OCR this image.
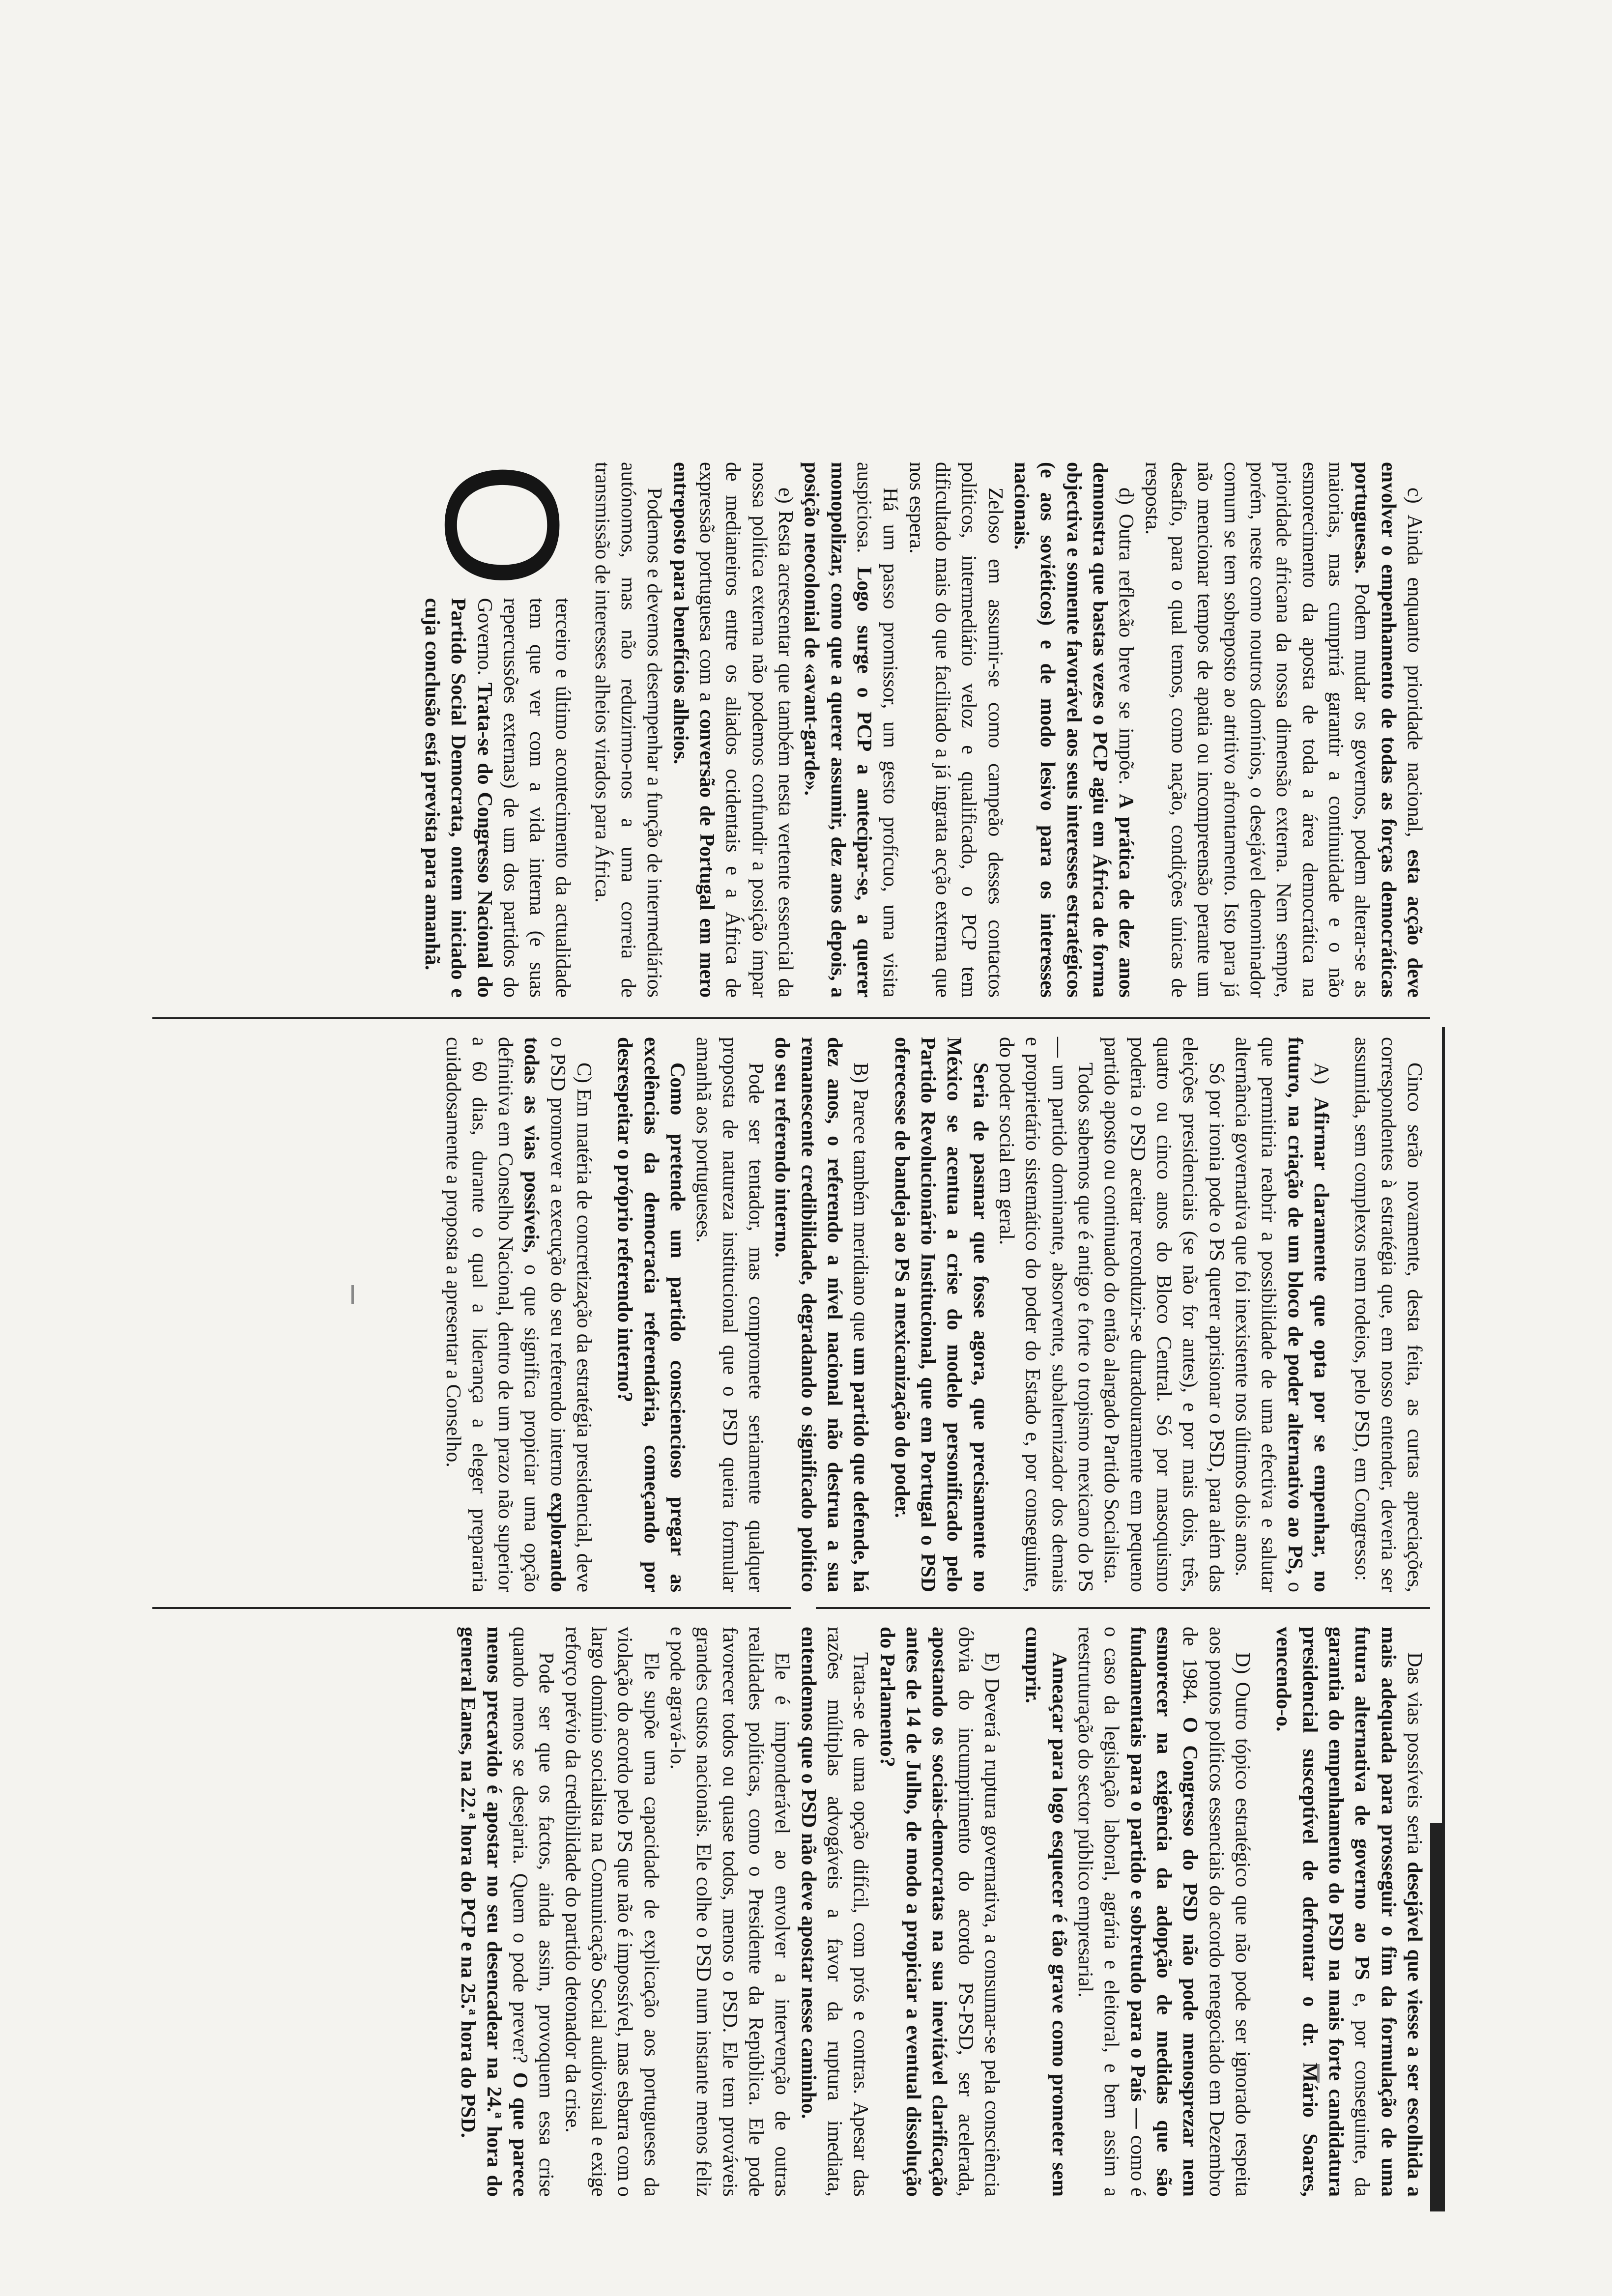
c) Ainda enquanto prioridade nacional, esta acção deve envolver o empenhamento de todas as forças democráticas portuguesas. Podem mudar os governos, podem alterar-se as maiorias, mas cumprirá garantir a continuidade e o não esmorecimento da aposta de toda a área democrática na prioridade africana da nossa dimensão externa. Nem sempre, porém, neste como noutros domínios, o desejável denominador comum se tem sobreposto ao atritivo afrontamento. Isto para já não mencionar tempos de apatia ou incompreensão perante um desafio, para o qual temos, como nação, condições únicas de resposta.

d) Outra reflexão breve se impõe. A prática de dez anos demonstra que bastas vezes o PCP agiu em África de forma objectiva e somente favorável aos seus interesses estratégicos (e aos soviéticos) e de modo lesivo para os interesses nacionais.

Zeloso em assumir-se como campeão desses contactos políticos, intermediário veloz e qualificado, o PCP tem dificultado mais do que facilitado a já ingrata acção externa que nos espera.

Há um passo promissor, um gesto profícuo, uma visita auspiciosa. Logo surge o PCP a antecipar-se, a querer monopolizar, como que a querer assumir, dez anos depois, a posição neocolonial de «avant-garde».

e) Resta acrescentar que também nesta vertente essencial da nossa política externa não podemos confundir a posição ímpar de medianeiros entre os aliados ocidentais e a África de expressão portuguesa com a conversão de Portugal em mero entreposto para benefícios alheios.

Podemos e devemos desempenhar a função de intermediários autónomos, mas não reduzirmo-nos a uma correia de transmissão de interesses alheios virados para África.

O
terceiro e último acontecimento da actualidade tem que ver com a vida interna (e suas repercussões externas) de um dos partidos do Governo. Trata-se do Congresso Nacional do Partido Social Democrata, ontem iniciado e cuja conclusão está prevista para amanhã.

Cinco serão novamente, desta feita, as curtas apreciações, correspondentes à estratégia que, em nosso entender, deveria ser assumida, sem complexos nem rodeios, pelo PSD, em Congresso:

A) Afirmar claramente que opta por se empenhar, no futuro, na criação de um bloco de poder alternativo ao PS, o que permitiria reabrir a possibilidade de uma efectiva e salutar alternância governativa que foi inexistente nos últimos dois anos.

Só por ironia pode o PS querer aprisionar o PSD, para além das eleições presidenciais (se não for antes), e por mais dois, três, quatro ou cinco anos do Bloco Central. Só por masoquismo poderia o PSD aceitar reconduzir-se duradouramente em pequeno partido aposto ou continuado do então alargado Partido Socialista.

Todos sabemos que é antigo e forte o tropismo mexicano do PS — um partido dominante, absorvente, subalternizador dos demais e proprietário sistemático do poder do Estado e, por conseguinte, do poder social em geral.

Seria de pasmar que fosse agora, que precisamente no México se acentua a crise do modelo personificado pelo Partido Revolucionário Institucional, que em Portugal o PSD oferecesse de bandeja ao PS a mexicanização do poder.

B) Parece também meridiano que um partido que defende, há dez anos, o referendo a nível nacional não destrua a sua remanescente credibilidade, degradando o significado político do seu referendo interno.

Pode ser tentador, mas compromete seriamente qualquer proposta de natureza institucional que o PSD queira formular amanhã aos portugueses.

Como pretende um partido conscienciosо pregar as excelências da democracia referendária, começando por desrespeitar o próprio referendo interno?

C) Em matéria de concretização da estratégia presidencial, deve o PSD promover a execução do seu referendo interno explorando todas as vias possíveis, o que significa propiciar uma opção definitiva em Conselho Nacional, dentro de um prazo não superior a 60 dias, durante o qual a liderança a eleger prepararia cuidadosamente a proposta a apresentar a Conselho.

Das vias possíveis seria desejável que viesse a ser escolhida a mais adequada para prosseguir o fim da formulação de uma futura alternativa de governo ao PS e, por conseguinte, da garantia do empenhamento do PSD na mais forte candidatura presidencial susceptível de defrontar o dr. Mário Soares, vencendo-o.

D) Outro tópico estratégico que não pode ser ignorado respeita aos pontos políticos essenciais do acordo renegociado em Dezembro de 1984. O Congresso do PSD não pode menosprezar nem esmorecer na exigência da adopção de medidas que são fundamentais para o partido e sobretudo para o País — como é o caso da legislação laboral, agrária e eleitoral, e bem assim a reestruturação do sector público empresarial.

Ameaçar para logo esquecer é tão grave como prometer sem cumprir.

E) Deverá a ruptura governativa, a consumar-se pela consciência óbvia do incumprimento do acordo PS-PSD, ser acelerada, apostando os sociais-democratas na sua inevitável clarificação antes de 14 de Julho, de modo a propiciar a eventual dissolução do Parlamento?

Trata-se de uma opção difícil, com prós e contras. Apesar das razões múltiplas advogáveis a favor da ruptura imediata, entendemos que o PSD não deve apostar nesse caminho.

Ele é imponderável ao envolver a intervenção de outras realidades políticas, como o Presidente da República. Ele pode favorecer todos ou quase todos, menos o PSD. Ele tem prováveis grandes custos nacionais. Ele colhe o PSD num instante menos feliz e pode agravá-lo.

Ele supõe uma capacidade de explicação aos portugueses da violação do acordo pelo PS que não é impossível, mas esbarra com o largo domínio socialista na Comunicação Social audiovisual e exige reforço prévio da credibilidade do partido detonador da crise.

Pode ser que os factos, ainda assim, provoquem essa crise quando menos se desejaria. Quem o pode prever? O que parece menos precavido é apostar no seu desencadear na 24.ª hora do general Eanes, na 22.ª hora do PCP e na 25.ª hora do PSD.
